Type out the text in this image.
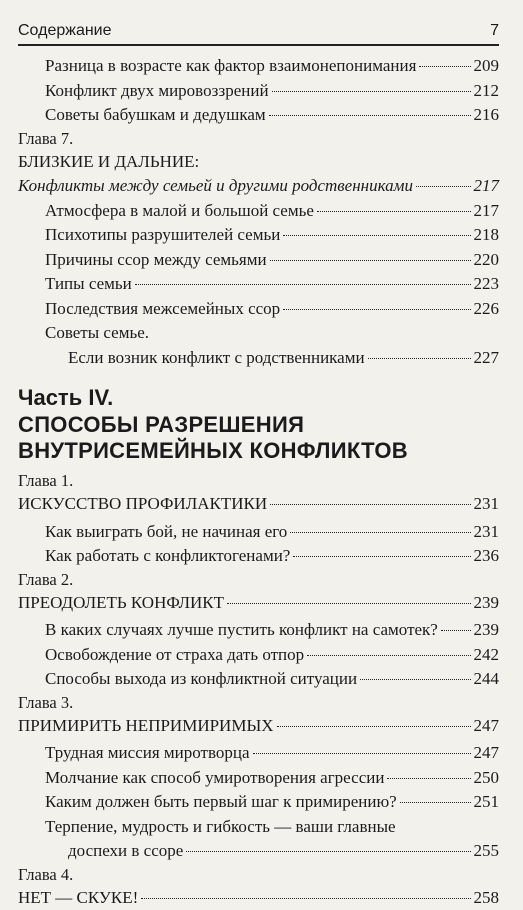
Содержание	7
Разница в возрасте как фактор взаимонепонимания	209
Конфликт двух мировоззрений	212
Советы бабушкам и дедушкам	216
Глава 7.
БЛИЗКИЕ И ДАЛЬНИЕ:
Конфликты между семьей и другими родственниками	217
Атмосфера в малой и большой семье	217
Психотипы разрушителей семьи	218
Причины ссор между семьями	220
Типы семьи	223
Последствия межсемейных ссор	226
Советы семье.
Если возник конфликт с родственниками	227
Часть IV.
СПОСОБЫ РАЗРЕШЕНИЯ ВНУТРИСЕМЕЙНЫХ КОНФЛИКТОВ
Глава 1.
ИСКУССТВО ПРОФИЛАКТИКИ	231
Как выиграть бой, не начиная его	231
Как работать с конфликтогенами?	236
Глава 2.
ПРЕОДОЛЕТЬ КОНФЛИКТ	239
В каких случаях лучше пустить конфликт на самотек? 239
Освобождение от страха дать отпор	242
Способы выхода из конфликтной ситуации	244
Глава 3.
ПРИМИРИТЬ НЕПРИМИРИМЫХ	247
Трудная миссия миротворца	247
Молчание как способ умиротворения агрессии	250
Каким должен быть первый шаг к примирению?	251
Терпение, мудрость и гибкость — ваши главные
доспехи в ссоре	255
Глава 4.
НЕТ — СКУКЕ!	258
